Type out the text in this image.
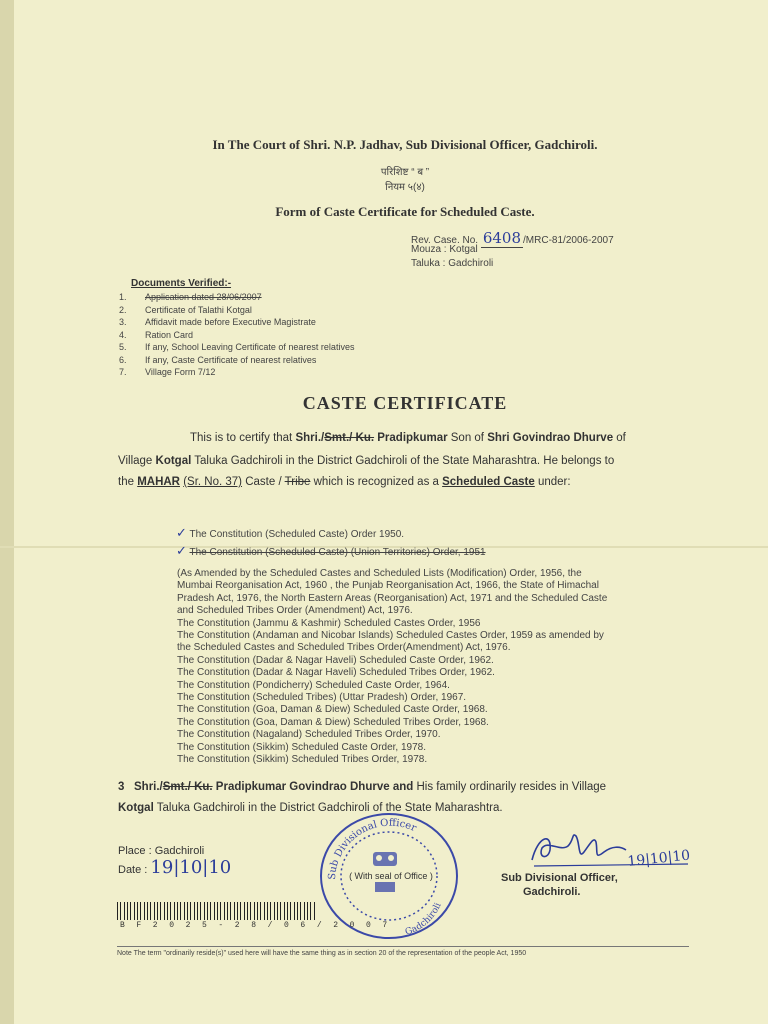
In The Court of Shri. N.P. Jadhav, Sub Divisional Officer, Gadchiroli.
परिशिष्ट “ ब ”
नियम ५(४)
Form of Caste Certificate for Scheduled Caste.
Rev. Case. No. 6408 /MRC-81/2006-2007
Mouza : Kotgal
Taluka : Gadchiroli
Documents Verified:-
1. Application dated 28/06/2007
2. Certificate of Talathi Kotgal
3. Affidavit made before Executive Magistrate
4. Ration Card
5. If any, School Leaving Certificate of nearest relatives
6. If any, Caste Certificate of nearest relatives
7. Village Form 7/12
CASTE CERTIFICATE
This is to certify that Shri./Smt./ Ku. Pradipkumar Son of Shri Govindrao Dhurve of
Village Kotgal Taluka Gadchiroli in the District Gadchiroli of the State Maharashtra. He belongs to
the MAHAR (Sr. No. 37) Caste / Tribe which is recognized as a Scheduled Caste under:
✓ The Constitution (Scheduled Caste) Order 1950.
✓ The Constitution (Scheduled Caste) (Union Territories) Order, 1951
(As Amended by the Scheduled Castes and Scheduled Lists (Modification) Order, 1956, the
Mumbai Reorganisation Act, 1960 , the Punjab Reorganisation Act, 1966, the State of Himachal
Pradesh Act, 1976, the North Eastern Areas (Reorganisation) Act, 1971 and the Scheduled Caste
and Scheduled Tribes Order (Amendment) Act, 1976.
The Constitution (Jammu & Kashmir) Scheduled Castes Order, 1956
The Constitution (Andaman and Nicobar Islands) Scheduled Castes Order, 1959 as amended by
the Scheduled Castes and Scheduled Tribes Order(Amendment) Act, 1976.
The Constitution (Dadar & Nagar Haveli) Scheduled Caste Order, 1962.
The Constitution (Dadar & Nagar Haveli) Scheduled Tribes Order, 1962.
The Constitution (Pondicherry) Scheduled Caste Order, 1964.
The Constitution (Scheduled Tribes) (Uttar Pradesh) Order, 1967.
The Constitution (Goa, Daman & Diew) Scheduled Caste Order, 1968.
The Constitution (Goa, Daman & Diew) Scheduled Tribes Order, 1968.
The Constitution (Nagaland) Scheduled Tribes Order, 1970.
The Constitution (Sikkim) Scheduled Caste Order, 1978.
The Constitution (Sikkim) Scheduled Tribes Order, 1978.
3 Shri./Smt./ Ku. Pradipkumar Govindrao Dhurve and His family ordinarily resides in Village
Kotgal Taluka Gadchiroli in the District Gadchiroli of the State Maharashtra.
Place : Gadchiroli
Date : 19|10|10	Sub Divisional Officer
Gadchiroli
( With seal of Office )
19|10|10
Sub Divisional Officer,
Gadchiroli.
B F 2 0 2 5 - 2 8 / 0 6 / 2 0 0 7
Note The term "ordinarily reside(s)" used here will have the same thing as in section 20 of the representation of the people Act, 1950
